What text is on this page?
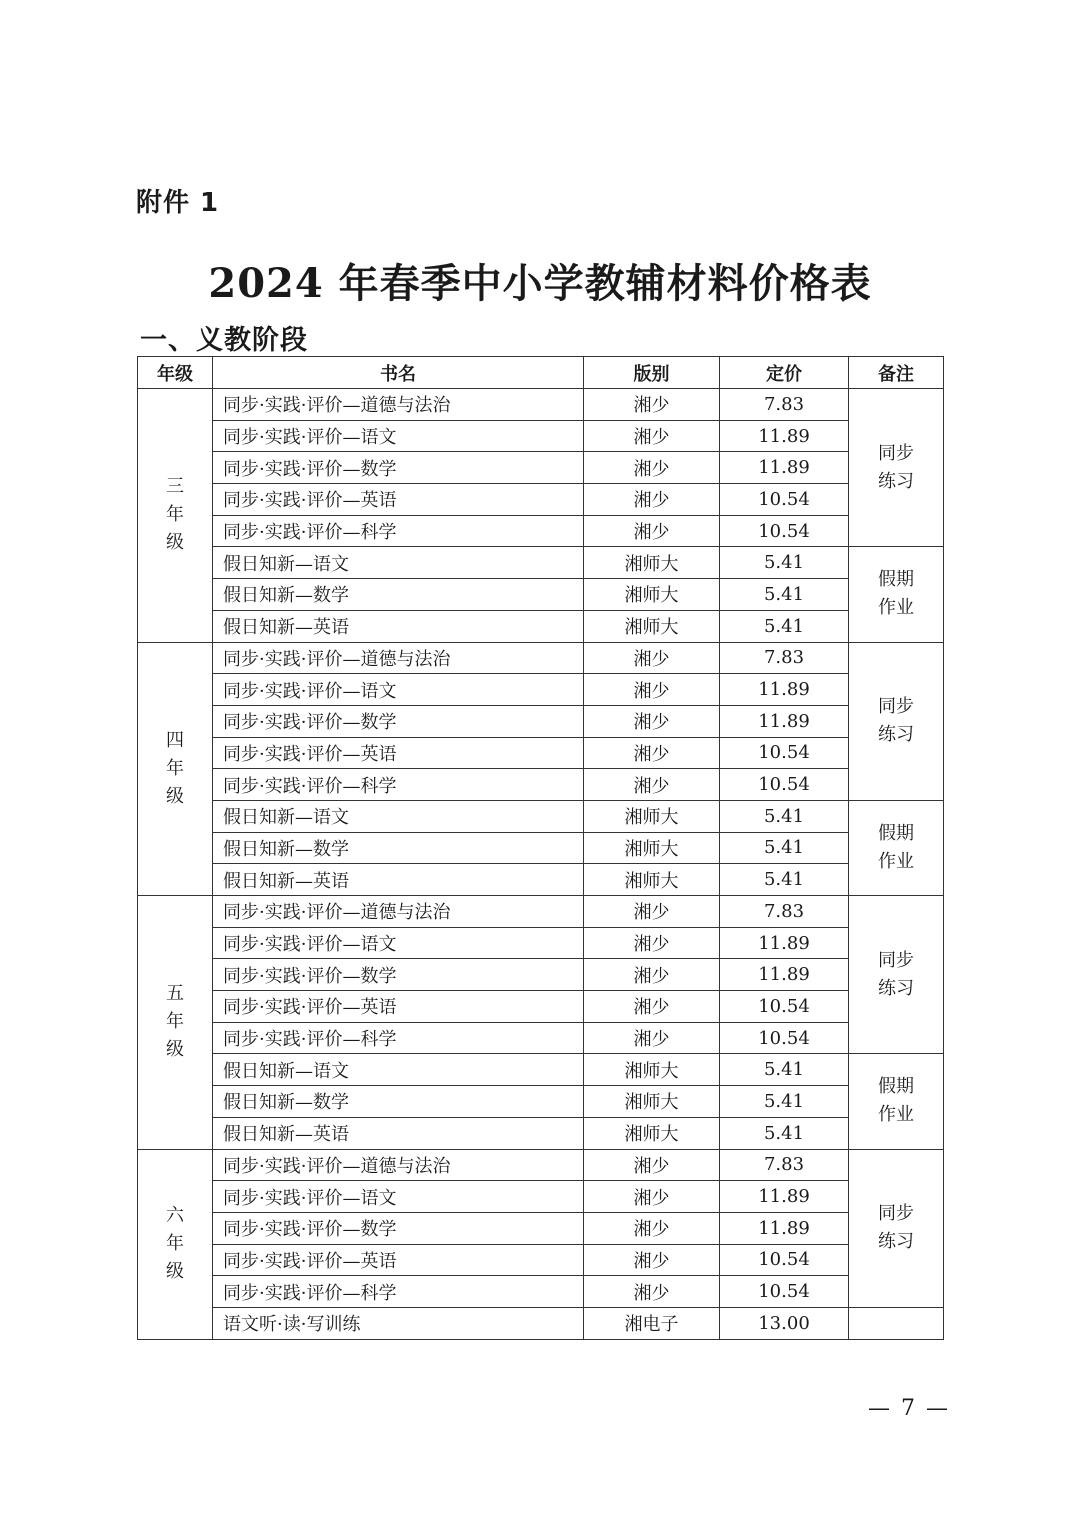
附件 1
2024 年春季中小学教辅材料价格表
一、义教阶段
年级	书名	版别	定价	备注

三
年
级	同步·实践·评价—道德与法治	湘少	7.83	同步
练习
	同步·实践·评价—语文	湘少	11.89	
	同步·实践·评价—数学	湘少	11.89	
	同步·实践·评价—英语	湘少	10.54	
	同步·实践·评价—科学	湘少	10.54	
	假日知新—语文	湘师大	5.41	假期
作业
	假日知新—数学	湘师大	5.41	
	假日知新—英语	湘师大	5.41	

四
年
级	同步·实践·评价—道德与法治	湘少	7.83	同步
练习
	同步·实践·评价—语文	湘少	11.89	
	同步·实践·评价—数学	湘少	11.89	
	同步·实践·评价—英语	湘少	10.54	
	同步·实践·评价—科学	湘少	10.54	
	假日知新—语文	湘师大	5.41	假期
作业
	假日知新—数学	湘师大	5.41	
	假日知新—英语	湘师大	5.41	

五
年
级	同步·实践·评价—道德与法治	湘少	7.83	同步
练习
	同步·实践·评价—语文	湘少	11.89	
	同步·实践·评价—数学	湘少	11.89	
	同步·实践·评价—英语	湘少	10.54	
	同步·实践·评价—科学	湘少	10.54	
	假日知新—语文	湘师大	5.41	假期
作业
	假日知新—数学	湘师大	5.41	
	假日知新—英语	湘师大	5.41	

六
年
级	同步·实践·评价—道德与法治	湘少	7.83	同步
练习
	同步·实践·评价—语文	湘少	11.89	
	同步·实践·评价—数学	湘少	11.89	
	同步·实践·评价—英语	湘少	10.54	
	同步·实践·评价—科学	湘少	10.54	
	语文听·读·写训练	湘电子	13.00	
— 7 —
